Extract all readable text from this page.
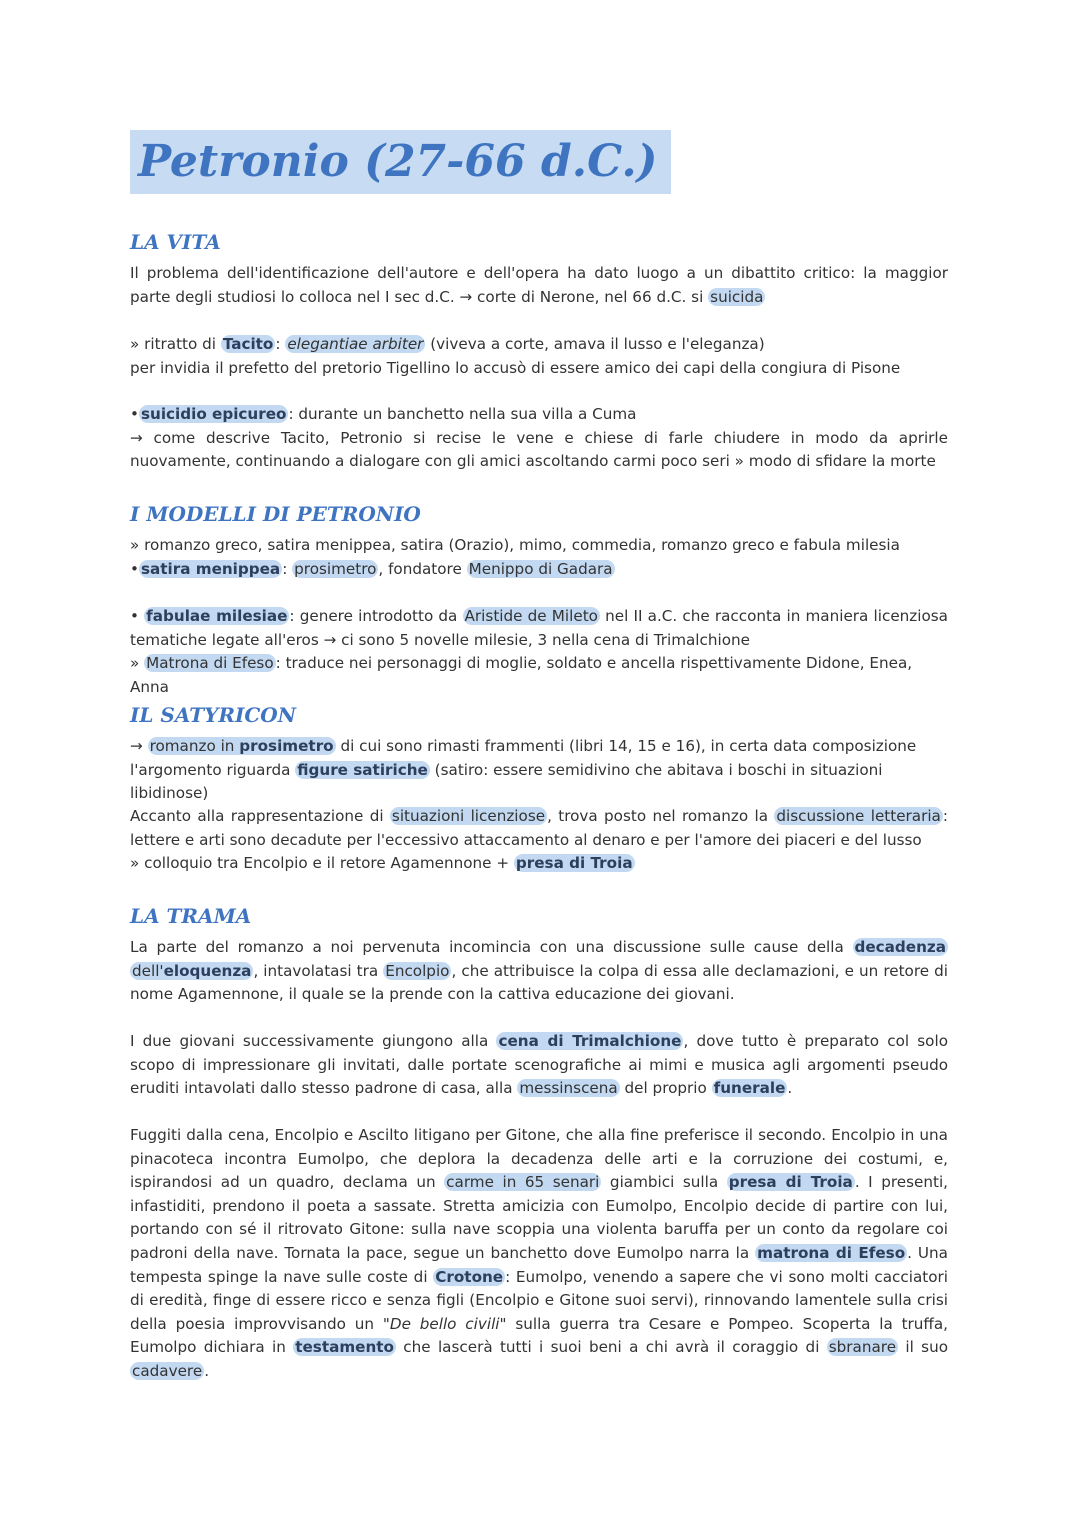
Petronio (27-66 d.C.)
LA VITA

Il problema dell'identificazione dell'autore e dell'opera ha dato luogo a un dibattito critico: la maggior parte degli studiosi lo colloca nel I sec d.C. → corte di Nerone, nel 66 d.C. si suicida

» ritratto di Tacito : elegantiae arbiter (viveva a corte, amava il lusso e l'eleganza)

per invidia il prefetto del pretorio Tigellino lo accusò di essere amico dei capi della congiura di Pisone

• suicidio epicureo : durante un banchetto nella sua villa a Cuma

→ come descrive Tacito, Petronio si recise le vene e chiese di farle chiudere in modo da aprirle nuovamente, continuando a dialogare con gli amici ascoltando carmi poco seri » modo di sfidare la morte

I MODELLI DI PETRONIO

» romanzo greco, satira menippea, satira (Orazio), mimo, commedia, romanzo greco e fabula milesia

• satira menippea : prosimetro , fondatore Menippo di Gadara

• fabulae milesiae : genere introdotto da Aristide de Mileto nel II a.C. che racconta in maniera licenziosa tematiche legate all'eros → ci sono 5 novelle milesie, 3 nella cena di Trimalchione

» Matrona di Efeso : traduce nei personaggi di moglie, soldato e ancella rispettivamente Didone, Enea, Anna

IL SATYRICON

→ romanzo in prosimetro di cui sono rimasti frammenti (libri 14, 15 e 16), in certa data composizione

l'argomento riguarda figure satiriche (satiro: essere semidivino che abitava i boschi in situazioni libidinose)

Accanto alla rappresentazione di situazioni licenziose , trova posto nel romanzo la discussione letteraria : lettere e arti sono decadute per l'eccessivo attaccamento al denaro e per l'amore dei piaceri e del lusso

» colloquio tra Encolpio e il retore Agamennone + presa di Troia

LA TRAMA

La parte del romanzo a noi pervenuta incomincia con una discussione sulle cause della decadenza dell'eloquenza , intavolatasi tra Encolpio , che attribuisce la colpa di essa alle declamazioni, e un retore di nome Agamennone, il quale se la prende con la cattiva educazione dei giovani.

I due giovani successivamente giungono alla cena di Trimalchione , dove tutto è preparato col solo scopo di impressionare gli invitati, dalle portate scenografiche ai mimi e musica agli argomenti pseudo eruditi intavolati dallo stesso padrone di casa, alla messinscena del proprio funerale .

Fuggiti dalla cena, Encolpio e Ascilto litigano per Gitone, che alla fine preferisce il secondo. Encolpio in una pinacoteca incontra Eumolpo, che deplora la decadenza delle arti e la corruzione dei costumi, e, ispirandosi ad un quadro, declama un carme in 65 senari giambici sulla presa di Troia . I presenti, infastiditi, prendono il poeta a sassate. Stretta amicizia con Eumolpo, Encolpio decide di partire con lui, portando con sé il ritrovato Gitone: sulla nave scoppia una violenta baruffa per un conto da regolare coi padroni della nave. Tornata la pace, segue un banchetto dove Eumolpo narra la matrona di Efeso . Una tempesta spinge la nave sulle coste di Crotone : Eumolpo, venendo a sapere che vi sono molti cacciatori di eredità, finge di essere ricco e senza figli (Encolpio e Gitone suoi servi), rinnovando lamentele sulla crisi della poesia improvvisando un "De bello civili" sulla guerra tra Cesare e Pompeo. Scoperta la truffa, Eumolpo dichiara in testamento che lascerà tutti i suoi beni a chi avrà il coraggio di sbranare il suo cadavere .
